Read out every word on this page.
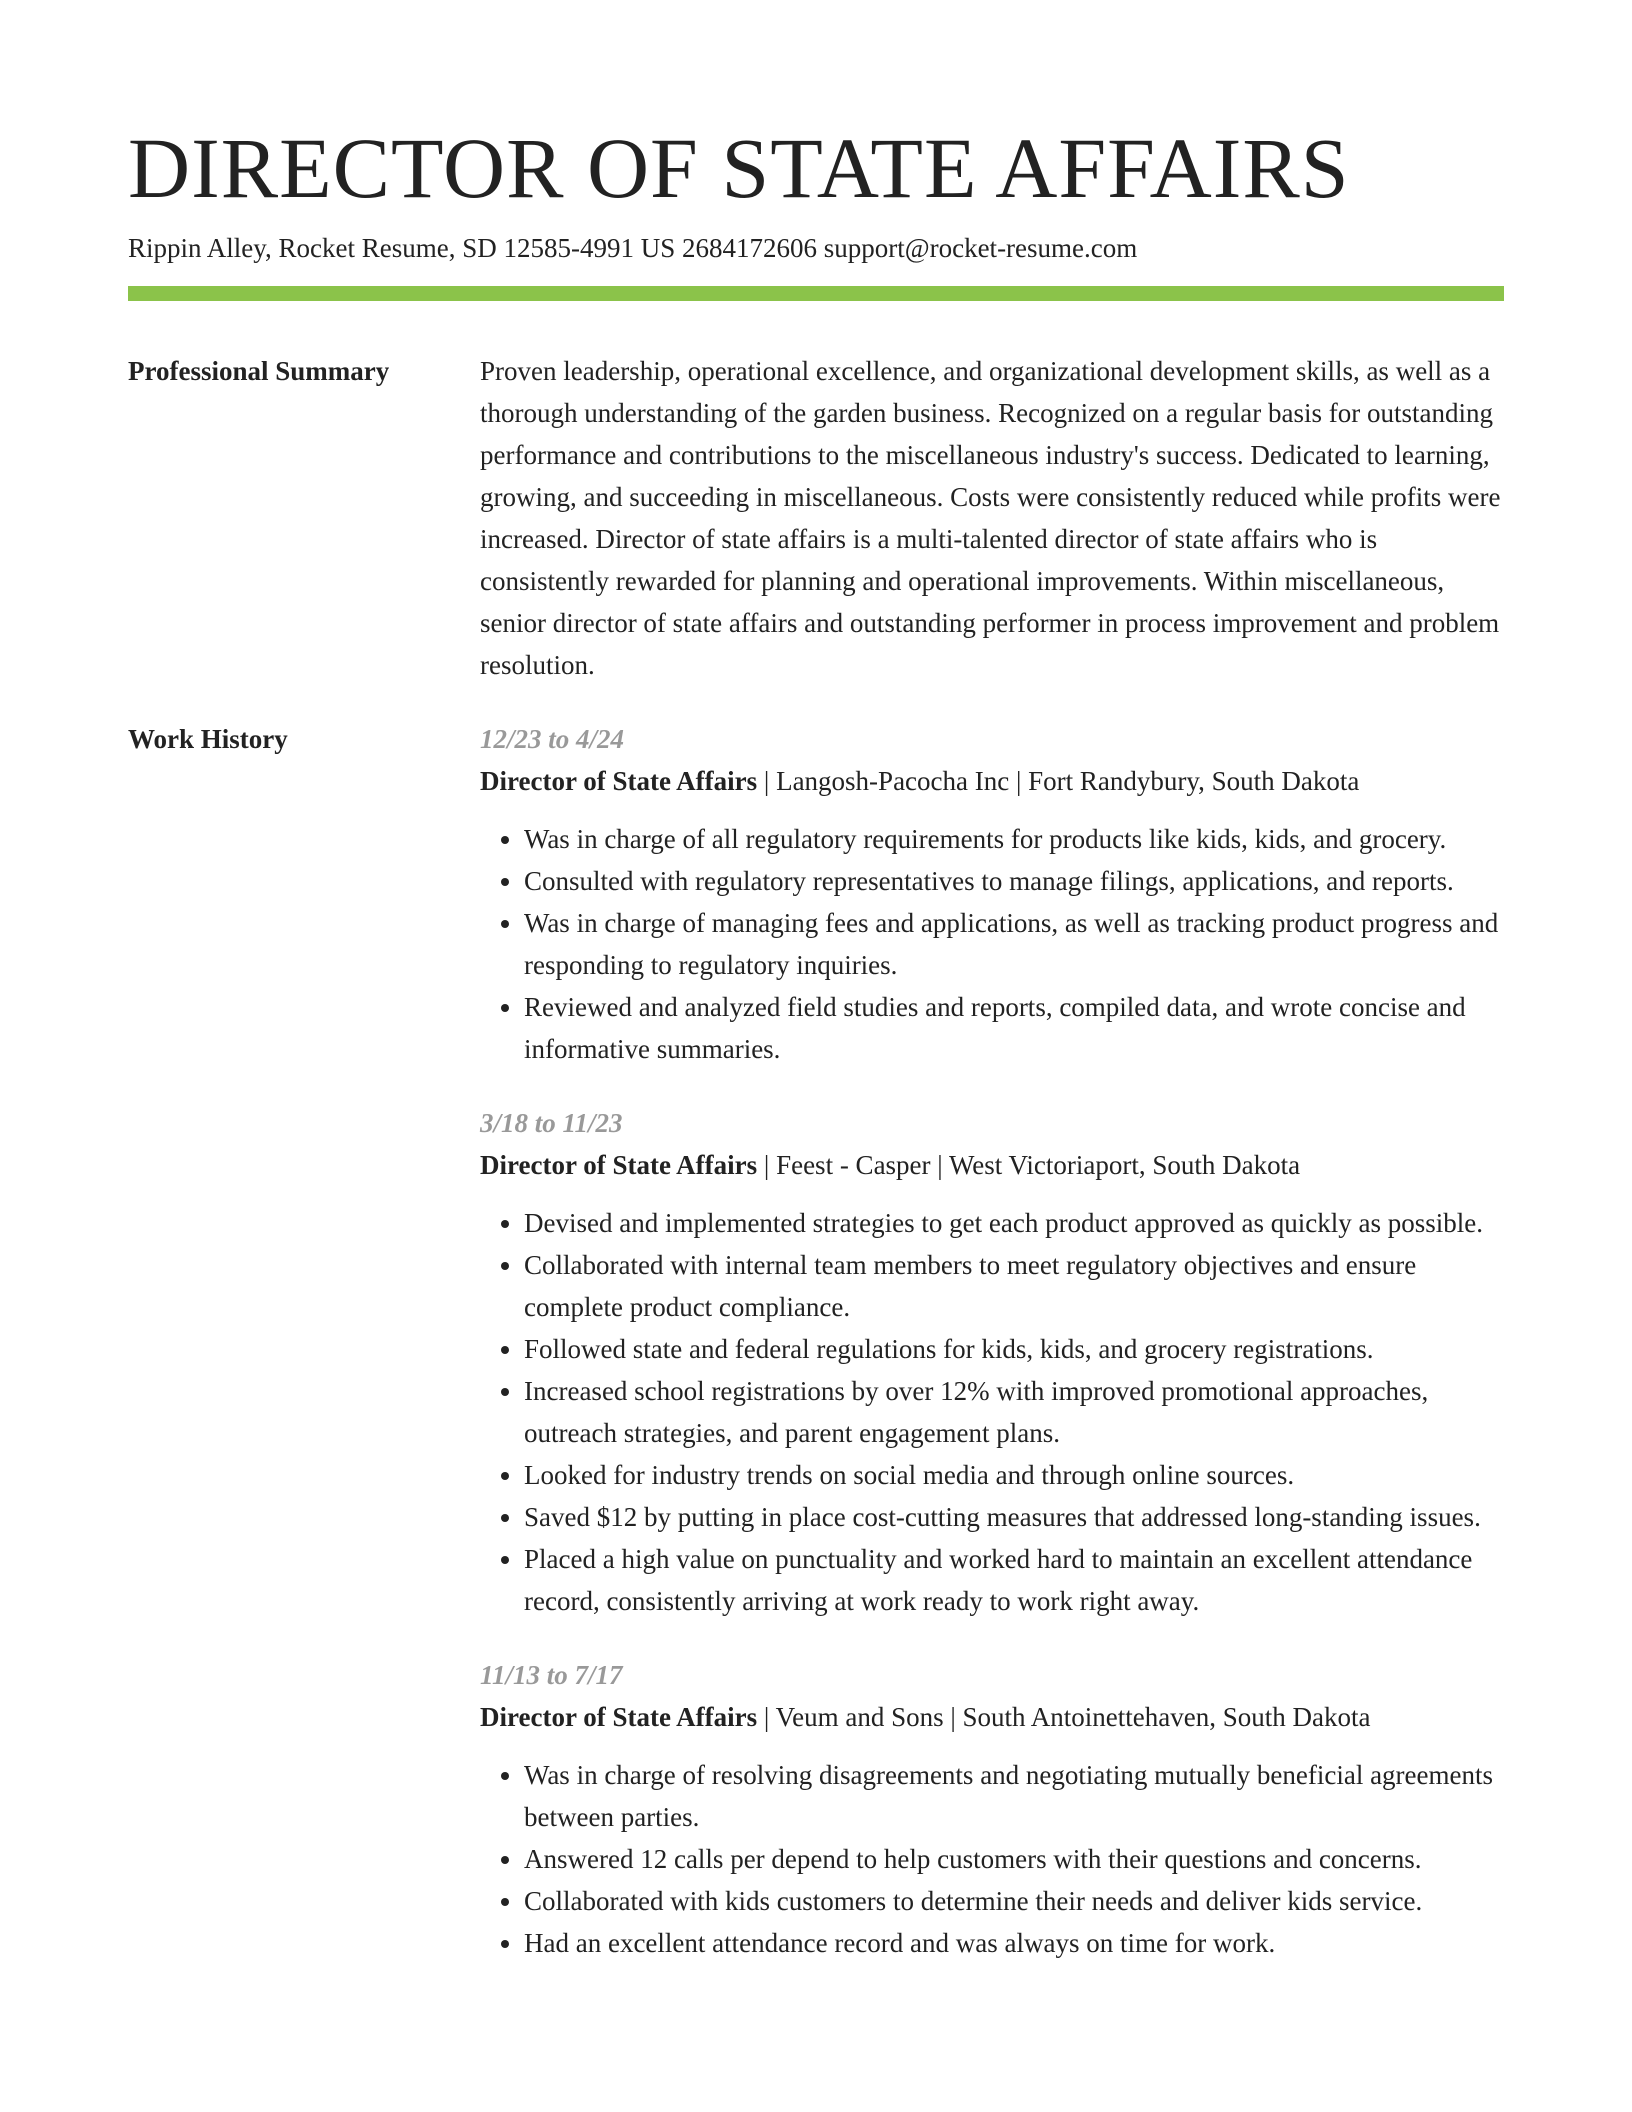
DIRECTOR OF STATE AFFAIRS
Rippin Alley, Rocket Resume, SD 12585-4991 US 2684172606 support@rocket-resume.com
Professional Summary	Proven leadership, operational excellence, and organizational development skills, as well as a thorough understanding of the garden business. Recognized on a regular basis for outstanding performance and contributions to the miscellaneous industry's success. Dedicated to learning, growing, and succeeding in miscellaneous. Costs were consistently reduced while profits were increased. Director of state affairs is a multi-talented director of state affairs who is consistently rewarded for planning and operational improvements. Within miscellaneous, senior director of state affairs and outstanding performer in process improvement and problem resolution.

Work History	12/23 to 4/24
Director of State Affairs | Langosh-Pacocha Inc | Fort Randybury, South Dakota
• Was in charge of all regulatory requirements for products like kids, kids, and grocery.
• Consulted with regulatory representatives to manage filings, applications, and reports.
• Was in charge of managing fees and applications, as well as tracking product progress and responding to regulatory inquiries.
• Reviewed and analyzed field studies and reports, compiled data, and wrote concise and informative summaries.
3/18 to 11/23
Director of State Affairs | Feest - Casper | West Victoriaport, South Dakota
• Devised and implemented strategies to get each product approved as quickly as possible.
• Collaborated with internal team members to meet regulatory objectives and ensure complete product compliance.
• Followed state and federal regulations for kids, kids, and grocery registrations.
• Increased school registrations by over 12% with improved promotional approaches, outreach strategies, and parent engagement plans.
• Looked for industry trends on social media and through online sources.
• Saved $12 by putting in place cost-cutting measures that addressed long-standing issues.
• Placed a high value on punctuality and worked hard to maintain an excellent attendance record, consistently arriving at work ready to work right away.
11/13 to 7/17
Director of State Affairs | Veum and Sons | South Antoinettehaven, South Dakota
• Was in charge of resolving disagreements and negotiating mutually beneficial agreements between parties.
• Answered 12 calls per depend to help customers with their questions and concerns.
• Collaborated with kids customers to determine their needs and deliver kids service.
• Had an excellent attendance record and was always on time for work.
